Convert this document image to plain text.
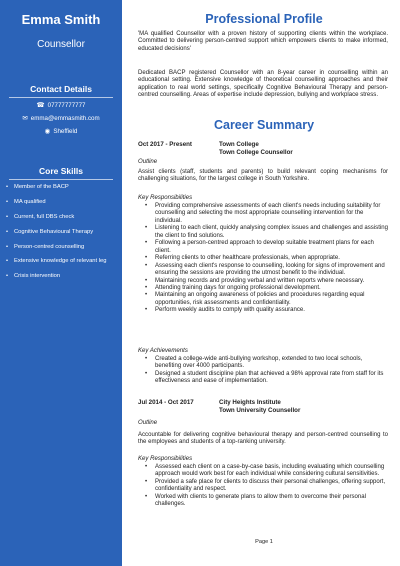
Emma Smith
Counsellor
Contact Details
☎ 07777777777
✉ emma@emmasmith.com
◉ Sheffield
Core Skills
• Member of the BACP
• MA qualified
• Current, full DBS check
• Cognitive Behavioural Therapy
• Person-centred counselling
• Extensive knowledge of relevant leg
• Crisis intervention
Professional Profile
'MA qualified Counsellor with a proven history of supporting clients within the workplace. Committed to delivering person-centred support which empowers clients to make informed, educated decisions'
Dedicated BACP registered Counsellor with an 8-year career in counselling within an educational setting. Extensive knowledge of theoretical counselling approaches and their application to real world settings, specifically Cognitive Behavioural Therapy and person-centred counselling. Areas of expertise include depression, bullying and workplace stress.
Career Summary
Oct 2017 - Present	Town College
Town College Counsellor
Outline
Assist clients (staff, students and parents) to build relevant coping mechanisms for challenging situations, for the largest college in South Yorkshire.
Key Responsibilities
• Providing comprehensive assessments of each client's needs including suitability for counselling and selecting the most appropriate counselling intervention for the individual.
• Listening to each client, quickly analysing complex issues and challenges and assisting the client to find solutions.
• Following a person-centred approach to develop suitable treatment plans for each client.
• Referring clients to other healthcare professionals, when appropriate.
• Assessing each client's response to counselling, looking for signs of improvement and ensuring the sessions are providing the utmost benefit to the individual.
• Maintaining records and providing verbal and written reports where necessary.
• Attending training days for ongoing professional development.
• Maintaining an ongoing awareness of policies and procedures regarding equal opportunities, risk assessments and confidentiality.
• Perform weekly audits to comply with quality assurance.
Key Achievements
• Created a college-wide anti-bullying workshop, extended to two local schools, benefiting over 4000 participants.
• Designed a student discipline plan that achieved a 98% approval rate from staff for its effectiveness and ease of implementation.
Jul 2014 - Oct 2017	City Heights Institute
Town University Counsellor
Outline
Accountable for delivering cognitive behavioural therapy and person-centred counselling to the employees and students of a top-ranking university.
Key Responsibilities
• Assessed each client on a case-by-case basis, including evaluating which counselling approach would work best for each individual while considering cultural sensitivities.
• Provided a safe place for clients to discuss their personal challenges, offering support, confidentiality and respect.
• Worked with clients to generate plans to allow them to overcome their personal challenges.
Page 1
